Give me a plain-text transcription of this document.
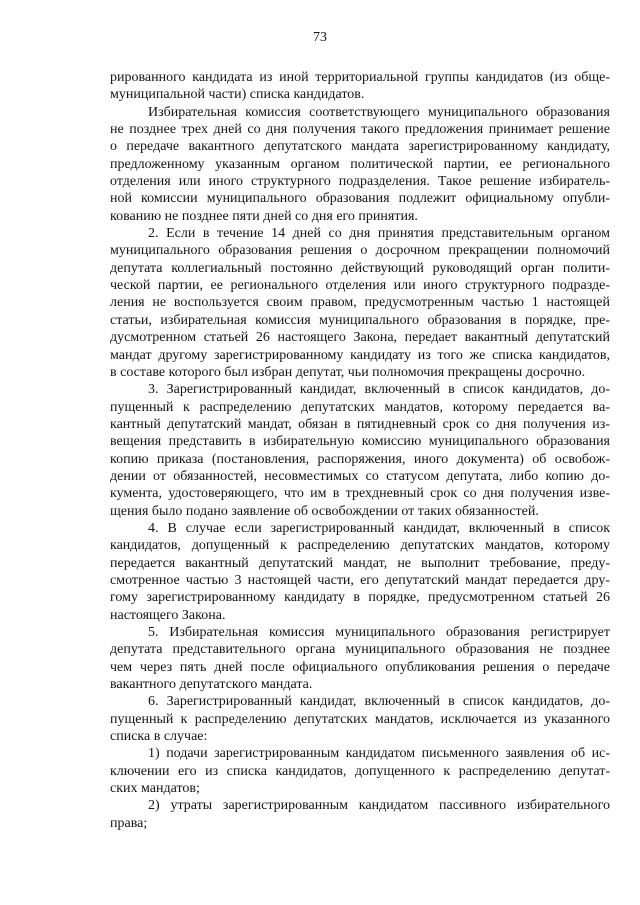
73
рированного кандидата из иной территориальной группы кандидатов (из обще-
муниципальной части) списка кандидатов.
Избирательная комиссия соответствующего муниципального образования
не позднее трех дней со дня получения такого предложения принимает решение
о передаче вакантного депутатского мандата зарегистрированному кандидату,
предложенному указанным органом политической партии, ее регионального
отделения или иного структурного подразделения. Такое решение избиратель-
ной комиссии муниципального образования подлежит официальному опубли-
кованию не позднее пяти дней со дня его принятия.
2. Если в течение 14 дней со дня принятия представительным органом
муниципального образования решения о досрочном прекращении полномочий
депутата коллегиальный постоянно действующий руководящий орган полити-
ческой партии, ее регионального отделения или иного структурного подразде-
ления не воспользуется своим правом, предусмотренным частью 1 настоящей
статьи, избирательная комиссия муниципального образования в порядке, пре-
дусмотренном статьей 26 настоящего Закона, передает вакантный депутатский
мандат другому зарегистрированному кандидату из того же списка кандидатов,
в составе которого был избран депутат, чьи полномочия прекращены досрочно.
3. Зарегистрированный кандидат, включенный в список кандидатов, до-
пущенный к распределению депутатских мандатов, которому передается ва-
кантный депутатский мандат, обязан в пятидневный срок со дня получения из-
вещения представить в избирательную комиссию муниципального образования
копию приказа (постановления, распоряжения, иного документа) об освобож-
дении от обязанностей, несовместимых со статусом депутата, либо копию до-
кумента, удостоверяющего, что им в трехдневный срок со дня получения изве-
щения было подано заявление об освобождении от таких обязанностей.
4. В случае если зарегистрированный кандидат, включенный в список
кандидатов, допущенный к распределению депутатских мандатов, которому
передается вакантный депутатский мандат, не выполнит требование, преду-
смотренное частью 3 настоящей части, его депутатский мандат передается дру-
гому зарегистрированному кандидату в порядке, предусмотренном статьей 26
настоящего Закона.
5. Избирательная комиссия муниципального образования регистрирует
депутата представительного органа муниципального образования не позднее
чем через пять дней после официального опубликования решения о передаче
вакантного депутатского мандата.
6. Зарегистрированный кандидат, включенный в список кандидатов, до-
пущенный к распределению депутатских мандатов, исключается из указанного
списка в случае:
1) подачи зарегистрированным кандидатом письменного заявления об ис-
ключении его из списка кандидатов, допущенного к распределению депутат-
ских мандатов;
2) утраты зарегистрированным кандидатом пассивного избирательного
права;
